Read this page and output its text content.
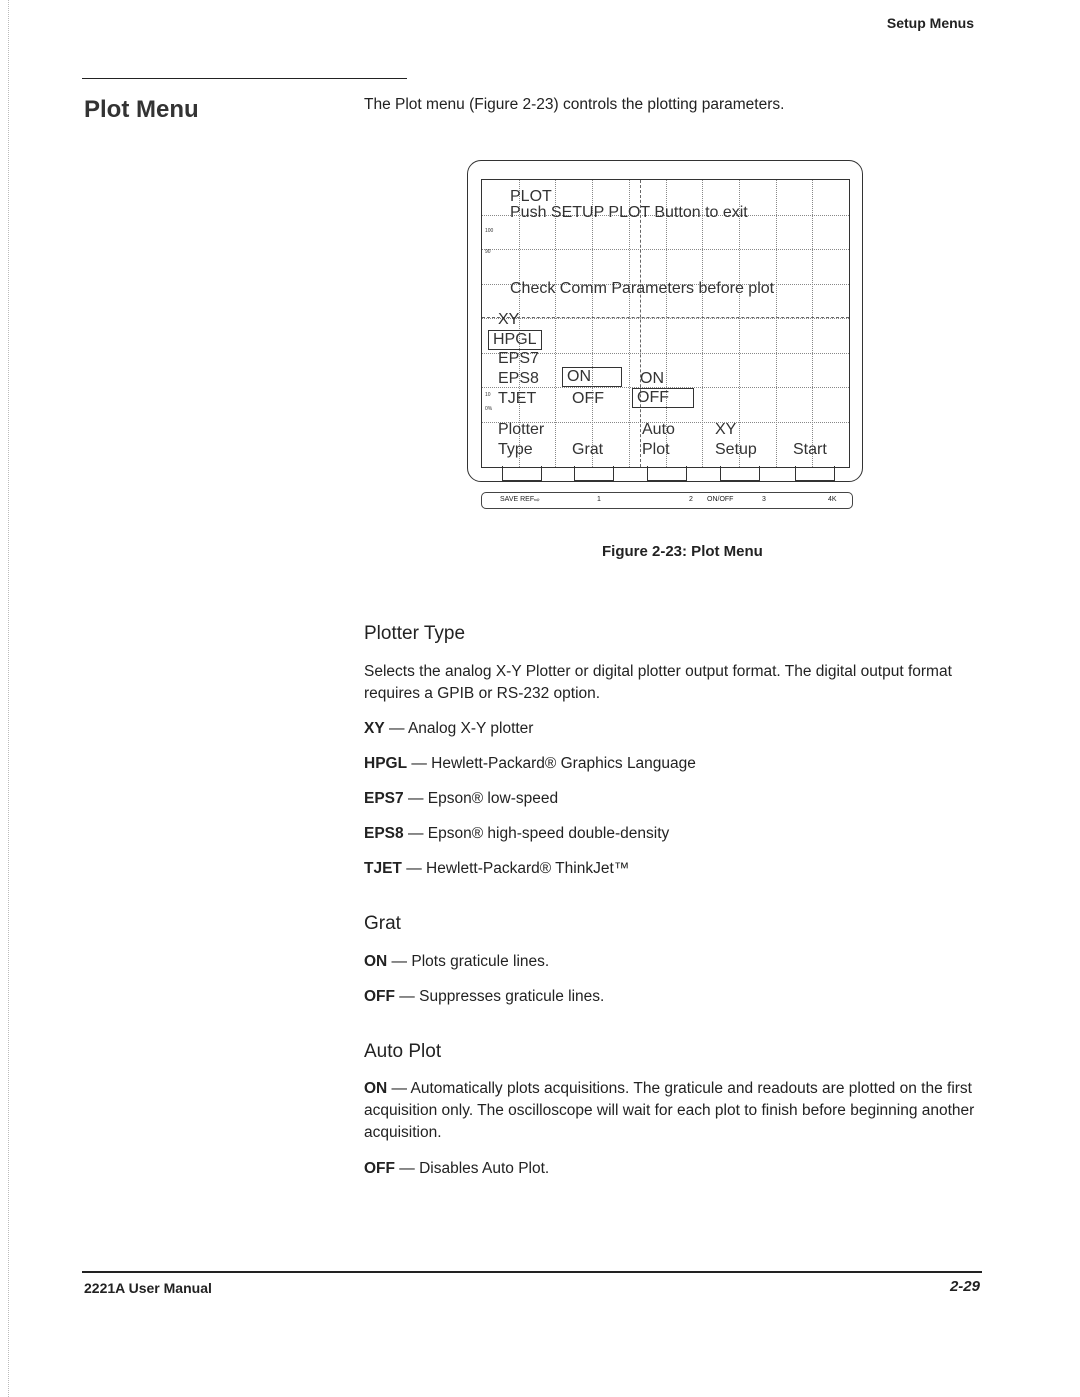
Setup Menus
Plot Menu	The Plot menu (Figure 2-23) controls the plotting parameters.
PLOT
Push SETUP PLOT Button to exit
100
90
10
0%
Check Comm Parameters before plot
XY
HPGL
EPS7
EPS8
TJET
ON
OFF
ON
OFF
Plotter
Type Grat
Auto
Plot
XY
Setup Start
SAVE REF ⇨	1	2 ON/OFF	3	4K
Figure 2-23: Plot Menu
Plotter Type
Selects the analog X-Y Plotter or digital plotter output format. The digital output format requires a GPIB or RS-232 option.
XY — Analog X-Y plotter
HPGL — Hewlett-Packard® Graphics Language
EPS7 — Epson® low-speed
EPS8 — Epson® high-speed double-density
TJET — Hewlett-Packard® ThinkJet™
Grat
ON — Plots graticule lines.
OFF — Suppresses graticule lines.
Auto Plot
ON — Automatically plots acquisitions. The graticule and readouts are plotted on the first acquisition only. The oscilloscope will wait for each plot to finish before beginning another acquisition.
OFF — Disables Auto Plot.
2221A User Manual	2-29
